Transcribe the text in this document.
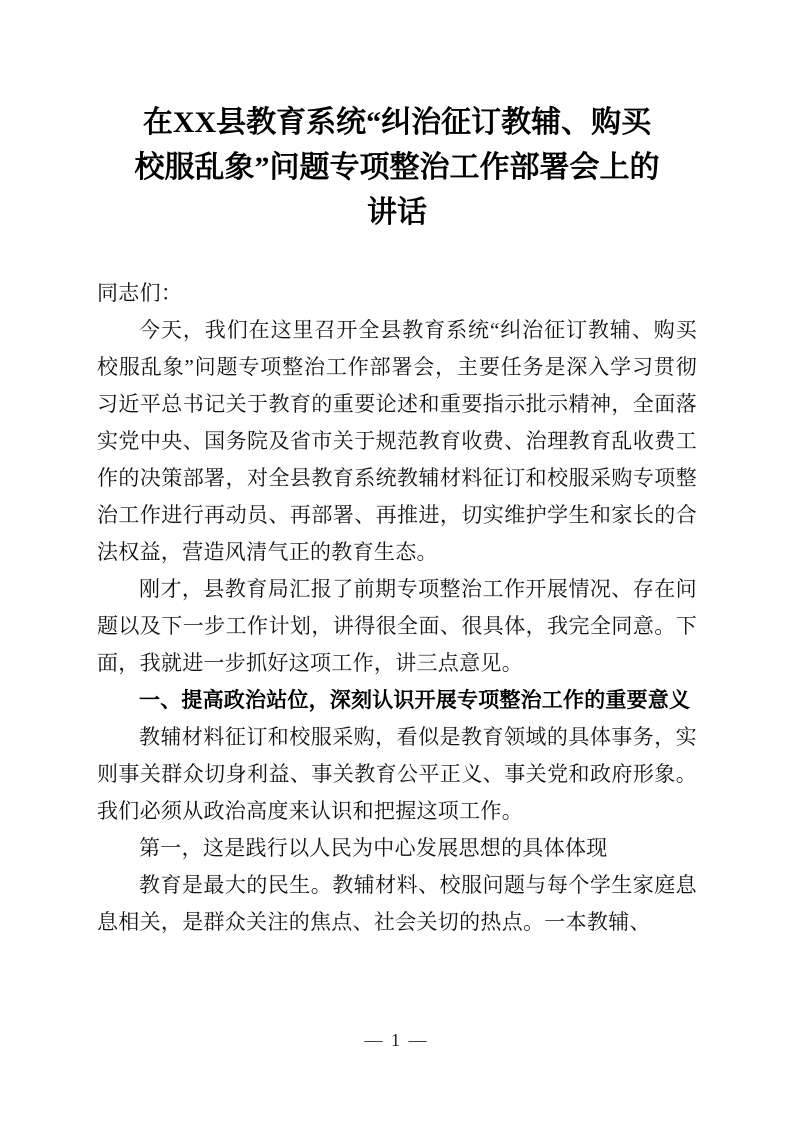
在XX县教育系统“纠治征订教辅、购买
校服乱象”问题专项整治工作部署会上的
讲话

同志们：

今天，我们在这里召开全县教育系统“纠治征订教辅、购买校服乱象”问题专项整治工作部署会，主要任务是深入学习贯彻习近平总书记关于教育的重要论述和重要指示批示精神，全面落实党中央、国务院及省市关于规范教育收费、治理教育乱收费工作的决策部署，对全县教育系统教辅材料征订和校服采购专项整治工作进行再动员、再部署、再推进，切实维护学生和家长的合法权益，营造风清气正的教育生态。

刚才，县教育局汇报了前期专项整治工作开展情况、存在问题以及下一步工作计划，讲得很全面、很具体，我完全同意。下面，我就进一步抓好这项工作，讲三点意见。

一、提高政治站位，深刻认识开展专项整治工作的重要意义

教辅材料征订和校服采购，看似是教育领域的具体事务，实则事关群众切身利益、事关教育公平正义、事关党和政府形象。我们必须从政治高度来认识和把握这项工作。

第一，这是践行以人民为中心发展思想的具体体现

教育是最大的民生。教辅材料、校服问题与每个学生家庭息息相关，是群众关注的焦点、社会关切的热点。一本教辅、

— 1 —
